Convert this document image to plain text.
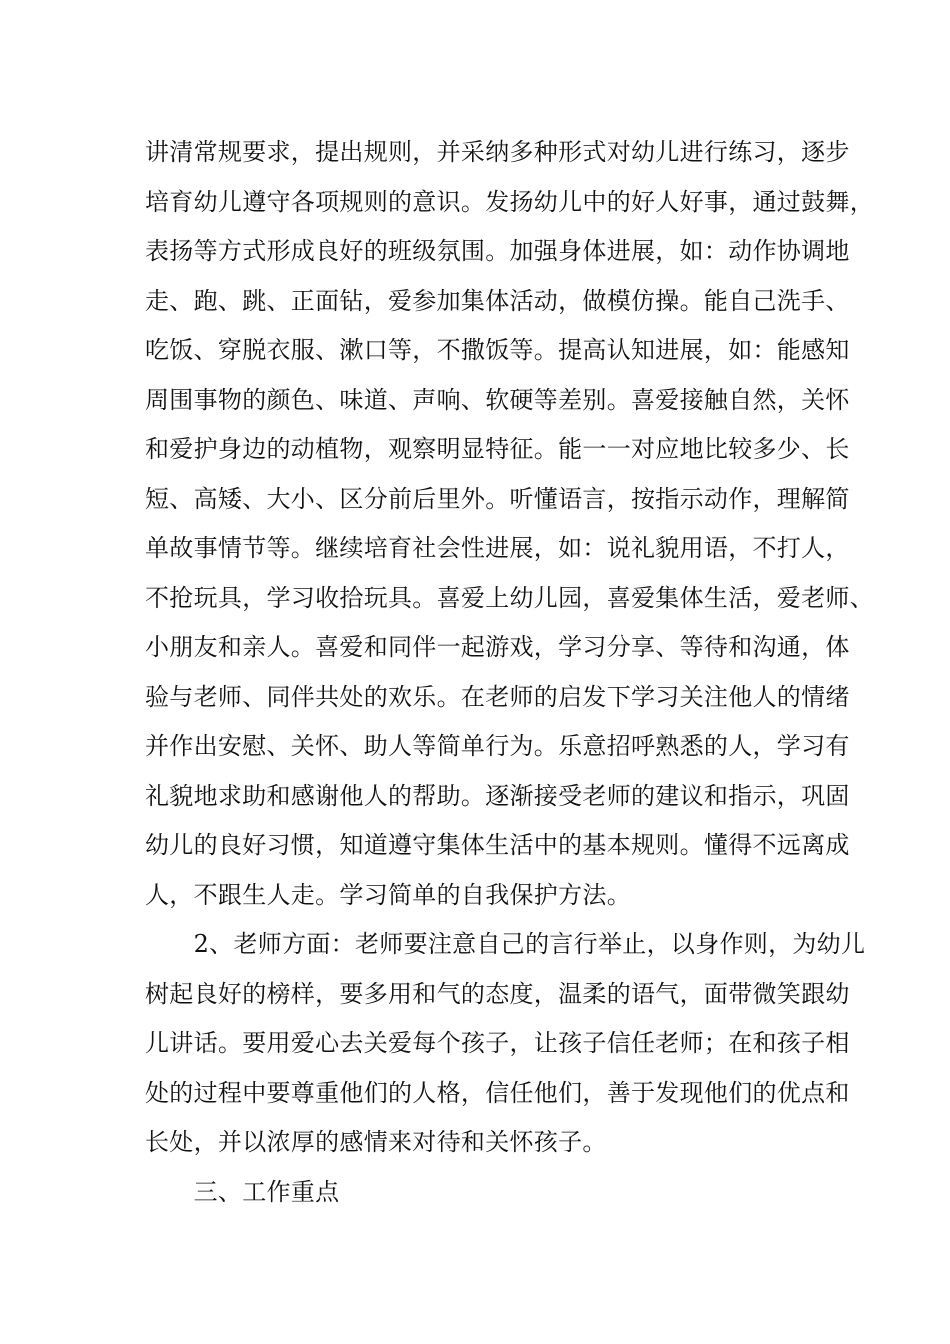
讲清常规要求，提出规则，并采纳多种形式对幼儿进行练习，逐步
培育幼儿遵守各项规则的意识。发扬幼儿中的好人好事，通过鼓舞，
表扬等方式形成良好的班级氛围。加强身体进展，如：动作协调地
走、跑、跳、正面钻，爱参加集体活动，做模仿操。能自己洗手、
吃饭、穿脱衣服、漱口等，不撒饭等。提高认知进展，如：能感知
周围事物的颜色、味道、声响、软硬等差别。喜爱接触自然，关怀
和爱护身边的动植物，观察明显特征。能一一对应地比较多少、长
短、高矮、大小、区分前后里外。听懂语言，按指示动作，理解简
单故事情节等。继续培育社会性进展，如：说礼貌用语，不打人，
不抢玩具，学习收拾玩具。喜爱上幼儿园，喜爱集体生活，爱老师、
小朋友和亲人。喜爱和同伴一起游戏，学习分享、等待和沟通，体
验与老师、同伴共处的欢乐。在老师的启发下学习关注他人的情绪
并作出安慰、关怀、助人等简单行为。乐意招呼熟悉的人，学习有
礼貌地求助和感谢他人的帮助。逐渐接受老师的建议和指示，巩固
幼儿的良好习惯，知道遵守集体生活中的基本规则。懂得不远离成
人，不跟生人走。学习简单的自我保护方法。
　　2、老师方面：老师要注意自己的言行举止，以身作则，为幼儿
树起良好的榜样，要多用和气的态度，温柔的语气，面带微笑跟幼
儿讲话。要用爱心去关爱每个孩子，让孩子信任老师；在和孩子相
处的过程中要尊重他们的人格，信任他们，善于发现他们的优点和
长处，并以浓厚的感情来对待和关怀孩子。
　　三、工作重点
